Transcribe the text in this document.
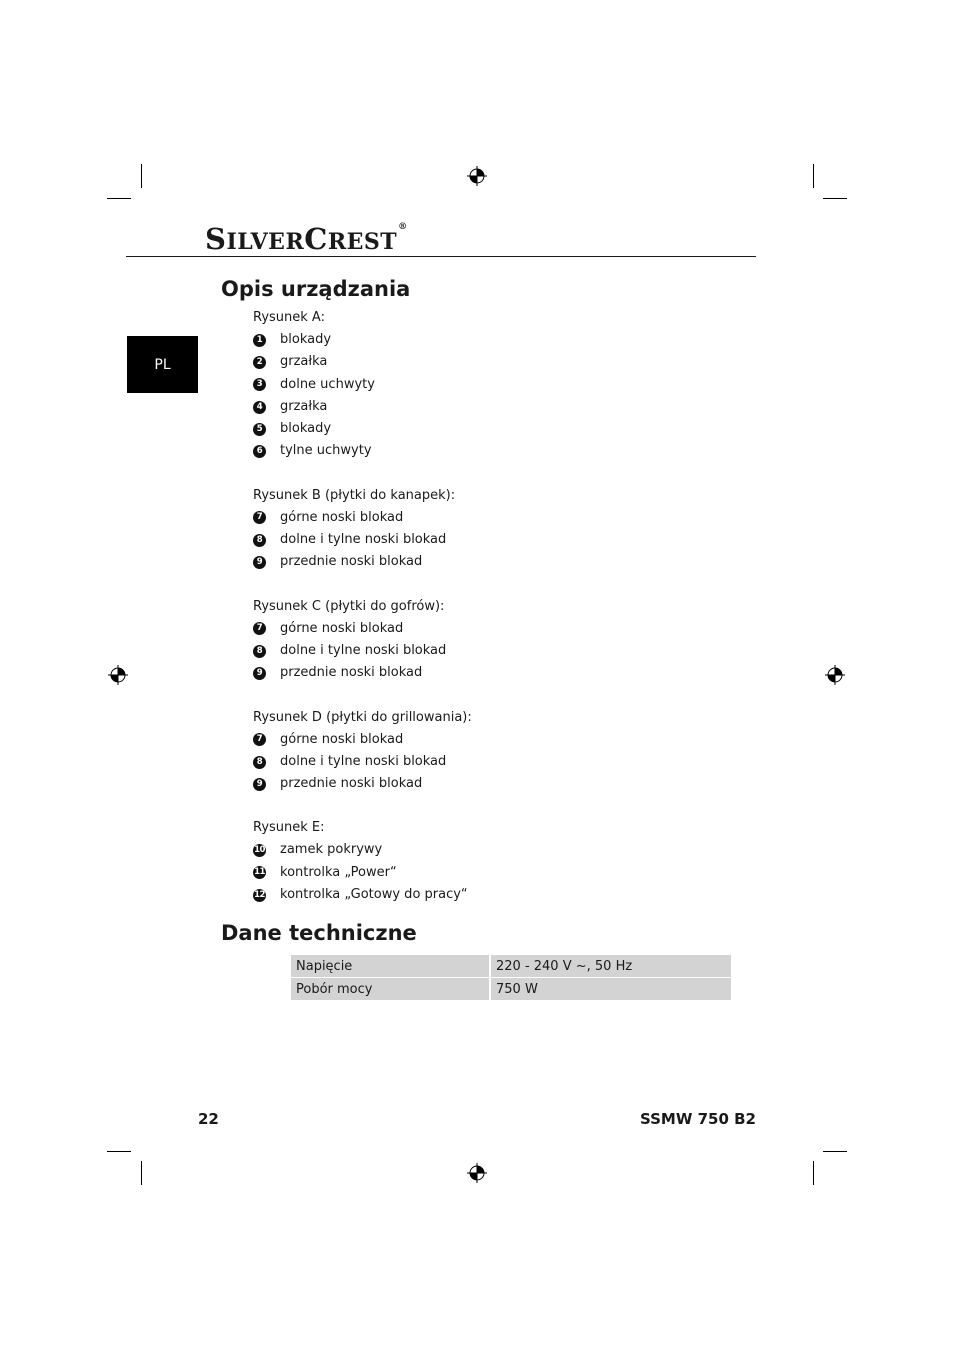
SILVERCREST®
PL
Opis urządzania
Rysunek A:
1 blokady
2 grzałka
3 dolne uchwyty
4 grzałka
5 blokady
6 tylne uchwyty
Rysunek B (płytki do kanapek):
7 górne noski blokad
8 dolne i tylne noski blokad
9 przednie noski blokad
Rysunek C (płytki do gofrów):
7 górne noski blokad
8 dolne i tylne noski blokad
9 przednie noski blokad
Rysunek D (płytki do grillowania):
7 górne noski blokad
8 dolne i tylne noski blokad
9 przednie noski blokad
Rysunek E:
10 zamek pokrywy
11 kontrolka „Power“
12 kontrolka „Gotowy do pracy“
Dane techniczne
Napięcie	220 - 240 V ~, 50 Hz
Pobór mocy	750 W
22	SSMW 750 B2
